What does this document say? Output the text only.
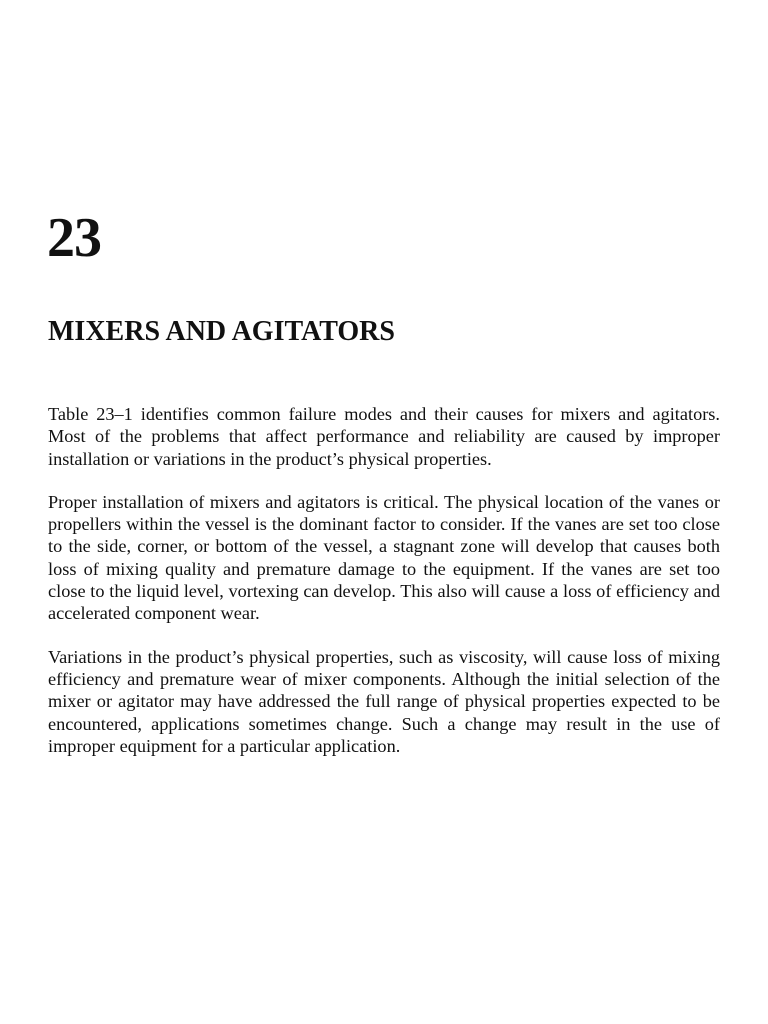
23
MIXERS AND AGITATORS

Table 23–1 identifies common failure modes and their causes for mixers and agitators. Most of the problems that affect performance and reliability are caused by improper installation or variations in the product’s physical properties.

Proper installation of mixers and agitators is critical. The physical location of the vanes or propellers within the vessel is the dominant factor to consider. If the vanes are set too close to the side, corner, or bottom of the vessel, a stagnant zone will develop that causes both loss of mixing quality and premature damage to the equipment. If the vanes are set too close to the liquid level, vortexing can develop. This also will cause a loss of efficiency and accelerated component wear.

Variations in the product’s physical properties, such as viscosity, will cause loss of mixing efficiency and premature wear of mixer components. Although the initial selection of the mixer or agitator may have addressed the full range of physical properties expected to be encountered, applications sometimes change. Such a change may result in the use of improper equipment for a particular application.
